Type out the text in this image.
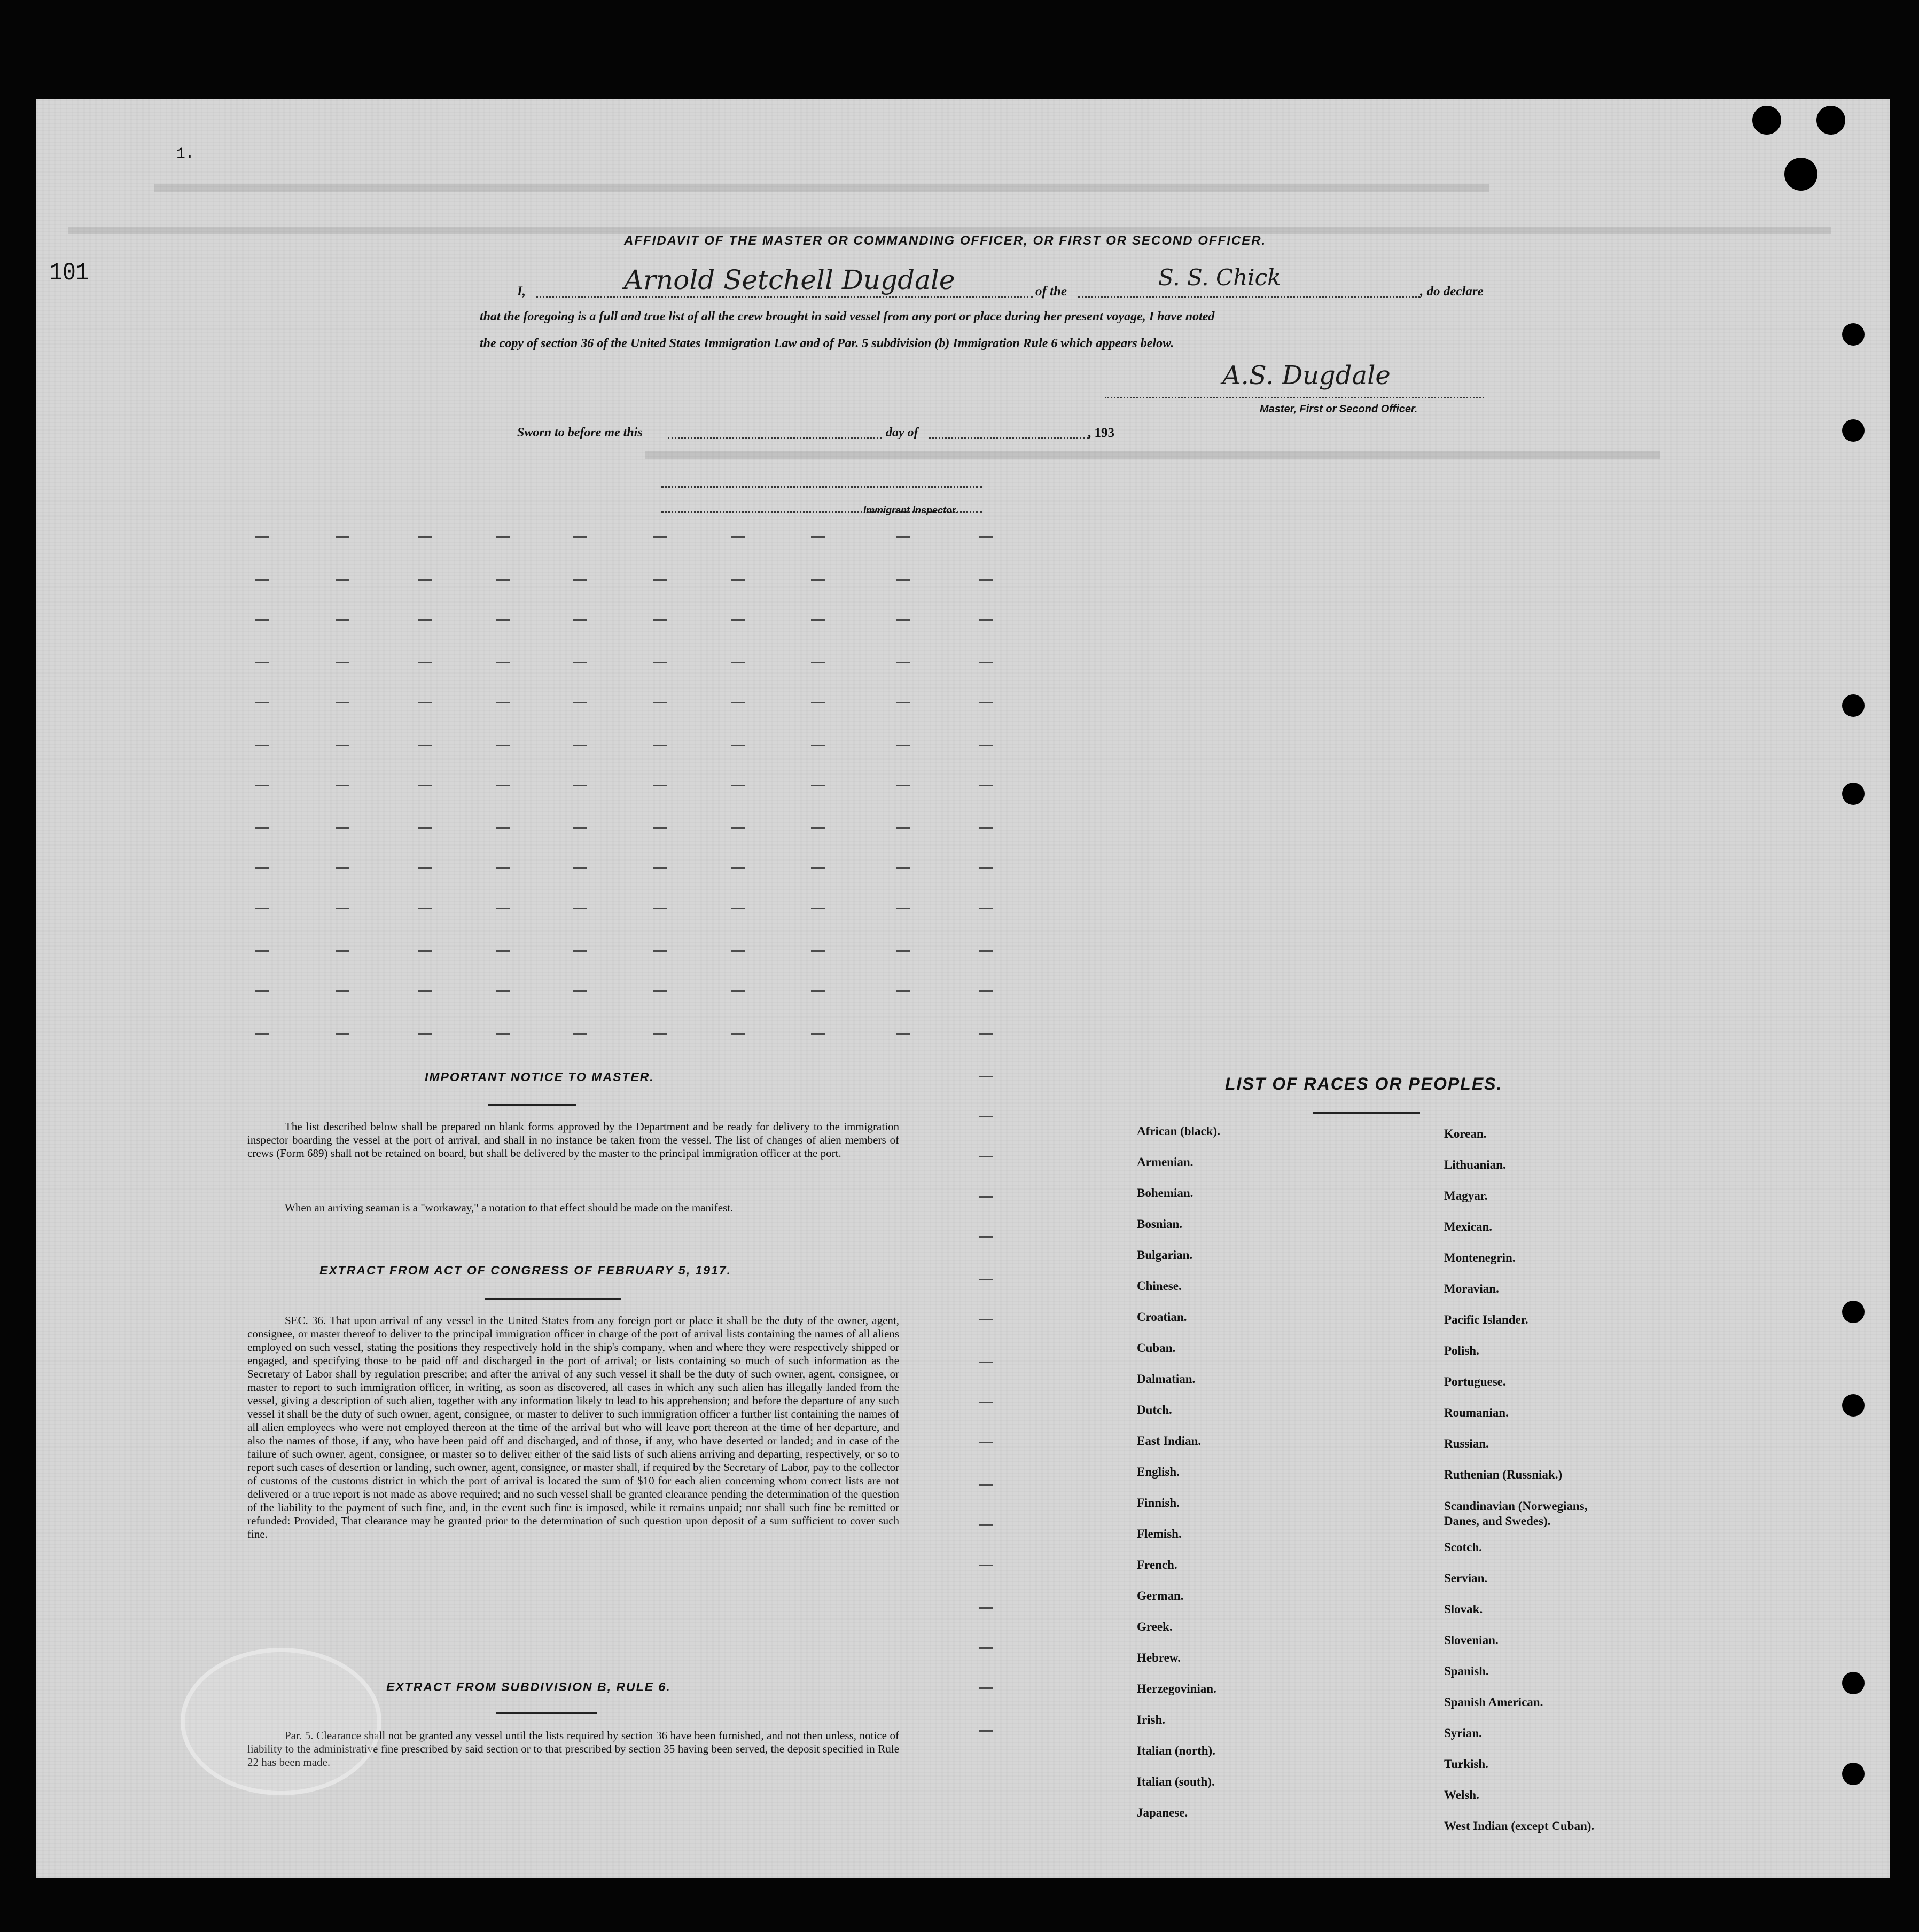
1.
101
AFFIDAVIT OF THE MASTER OR COMMANDING OFFICER, OR FIRST OR SECOND OFFICER.
I,	Arnold Setchell Dugdale	of the
S. S. Chick
, do declare
that the foregoing is a full and true list of all the crew brought in said vessel from any port or place during her present voyage, I have noted
the copy of section 36 of the United States Immigration Law and of Par. 5 subdivision (b) Immigration Rule 6 which appears below.
A.S. Dugdale
Master, First or Second Officer.
Sworn to before me this	day of	, 193
Immigrant Inspector.
IMPORTANT NOTICE TO MASTER.
The list described below shall be prepared on blank forms approved by the Department and be ready for delivery to the immigration inspector boarding the vessel at the port of arrival, and shall in no instance be taken from the vessel. The list of changes of alien members of crews (Form 689) shall not be retained on board, but shall be delivered by the master to the principal immigration officer at the port.
When an arriving seaman is a "workaway," a notation to that effect should be made on the manifest.
EXTRACT FROM ACT OF CONGRESS OF FEBRUARY 5, 1917.
SEC. 36. That upon arrival of any vessel in the United States from any foreign port or place it shall be the duty of the owner, agent, consignee, or master thereof to deliver to the principal immigration officer in charge of the port of arrival lists containing the names of all aliens employed on such vessel, stating the positions they respectively hold in the ship's company, when and where they were respectively shipped or engaged, and specifying those to be paid off and discharged in the port of arrival; or lists containing so much of such information as the Secretary of Labor shall by regulation prescribe; and after the arrival of any such vessel it shall be the duty of such owner, agent, consignee, or master to report to such immigration officer, in writing, as soon as discovered, all cases in which any such alien has illegally landed from the vessel, giving a description of such alien, together with any information likely to lead to his apprehension; and before the departure of any such vessel it shall be the duty of such owner, agent, consignee, or master to deliver to such immigration officer a further list containing the names of all alien employees who were not employed thereon at the time of the arrival but who will leave port thereon at the time of her departure, and also the names of those, if any, who have been paid off and discharged, and of those, if any, who have deserted or landed; and in case of the failure of such owner, agent, consignee, or master so to deliver either of the said lists of such aliens arriving and departing, respectively, or so to report such cases of desertion or landing, such owner, agent, consignee, or master shall, if required by the Secretary of Labor, pay to the collector of customs of the customs district in which the port of arrival is located the sum of $10 for each alien concerning whom correct lists are not delivered or a true report is not made as above required; and no such vessel shall be granted clearance pending the determination of the question of the liability to the payment of such fine, and, in the event such fine is imposed, while it remains unpaid; nor shall such fine be remitted or refunded: Provided, That clearance may be granted prior to the determination of such question upon deposit of a sum sufficient to cover such fine.
EXTRACT FROM SUBDIVISION B, RULE 6.
Par. 5. Clearance shall not be granted any vessel until the lists required by section 36 have been furnished, and not then unless, notice of liability to the administrative fine prescribed by said section or to that prescribed by section 35 having been served, the deposit specified in Rule 22 has been made.
LIST OF RACES OR PEOPLES.
African (black).
Armenian.
Bohemian.
Bosnian.
Bulgarian.
Chinese.
Croatian.
Cuban.
Dalmatian.
Dutch.
East Indian.
English.
Finnish.
Flemish.
French.
German.
Greek.
Hebrew.
Herzegovinian.
Irish.
Italian (north).
Italian (south).
Japanese.
Korean.
Lithuanian.
Magyar.
Mexican.
Montenegrin.
Moravian.
Pacific Islander.
Polish.
Portuguese.
Roumanian.
Russian.
Ruthenian (Russniak.)
Scandinavian (Norwegians, Danes, and Swedes).
Scotch.
Servian.
Slovak.
Slovenian.
Spanish.
Spanish American.
Syrian.
Turkish.
Welsh.
West Indian (except Cuban).
